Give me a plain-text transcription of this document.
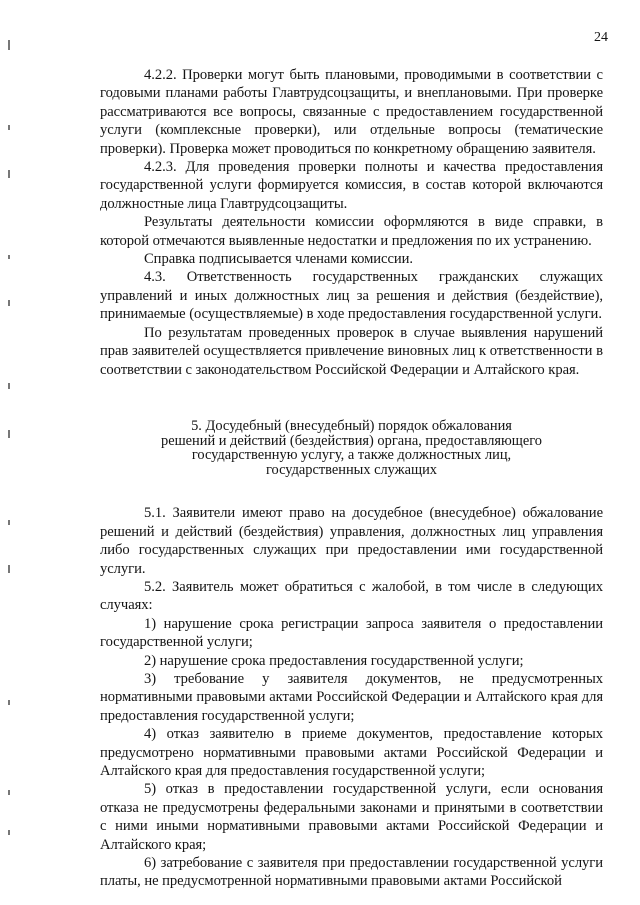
24

4.2.2. Проверки могут быть плановыми, проводимыми в соответствии с годовыми планами работы Главтрудсоцзащиты, и внеплановыми. При проверке рассматриваются все вопросы, связанные с предоставлением государственной услуги (комплексные проверки), или отдельные вопросы (тематические проверки). Проверка может проводиться по конкретному обращению заявителя.

4.2.3. Для проведения проверки полноты и качества предоставления государственной услуги формируется комиссия, в состав которой включаются должностные лица Главтрудсоцзащиты.

Результаты деятельности комиссии оформляются в виде справки, в которой отмечаются выявленные недостатки и предложения по их устранению.

Справка подписывается членами комиссии.

4.3. Ответственность государственных гражданских служащих управлений и иных должностных лиц за решения и действия (бездействие), принимаемые (осуществляемые) в ходе предоставления государственной услуги.

По результатам проведенных проверок в случае выявления нарушений прав заявителей осуществляется привлечение виновных лиц к ответственности в соответствии с законодательством Российской Федерации и Алтайского края.

5. Досудебный (внесудебный) порядок обжалования
решений и действий (бездействия) органа, предоставляющего
государственную услугу, а также должностных лиц,
государственных служащих

5.1. Заявители имеют право на досудебное (внесудебное) обжалование решений и действий (бездействия) управления, должностных лиц управления либо государственных служащих при предоставлении ими государственной услуги.

5.2. Заявитель может обратиться с жалобой, в том числе в следующих случаях:

1) нарушение срока регистрации запроса заявителя о предоставлении государственной услуги;

2) нарушение срока предоставления государственной услуги;

3) требование у заявителя документов, не предусмотренных нормативными правовыми актами Российской Федерации и Алтайского края для предоставления государственной услуги;

4) отказ заявителю в приеме документов, предоставление которых предусмотрено нормативными правовыми актами Российской Федерации и Алтайского края для предоставления государственной услуги;

5) отказ в предоставлении государственной услуги, если основания отказа не предусмотрены федеральными законами и принятыми в соответствии с ними иными нормативными правовыми актами Российской Федерации и Алтайского края;

6) затребование с заявителя при предоставлении государственной услуги платы, не предусмотренной нормативными правовыми актами Российской
